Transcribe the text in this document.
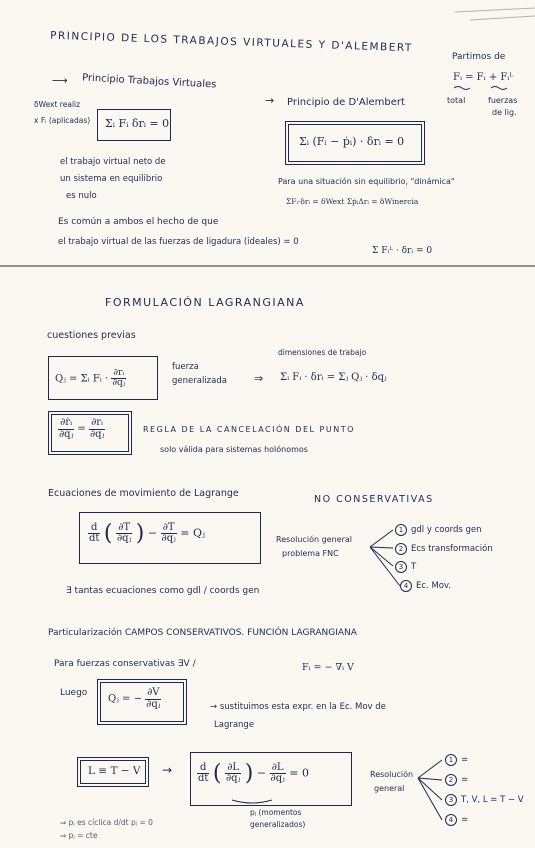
PRINCIPIO DE LOS TRABAJOS VIRTUALES Y D'ALEMBERT
Partimos de
Fᵢ = Fᵢ + Fᵢᴸ
total	fuerzas
de lig.
⟶ Principio Trabajos Virtuales
→ Principio de D'Alembert
δWext realiz
x Fᵢ (aplicadas) Σᵢ Fᵢ δrᵢ = 0
Σᵢ (Fᵢ − ṗᵢ) · δrᵢ = 0
el trabajo virtual neto de
un sistema en equilibrio
es nulo
Para una situación sin equilibrio, "dinámica"
ΣFᵢ·δrᵢ = δWext ΣṗᵢΔrᵢ = δWinercia
Es común a ambos el hecho de que
el trabajo virtual de las fuerzas de ligadura (ideales) = 0
Σ Fᵢᴸ · δrᵢ = 0
FORMULACIÓN LAGRANGIANA
cuestiones previas
Qⱼ = Σᵢ Fᵢ · $\frac{\text{∂rᵢ}}{\text{∂qⱼ}}$
fuerza
generalizada
dimensiones de trabajo
⇒ Σᵢ Fᵢ · δrᵢ = Σⱼ Qⱼ · δqⱼ
$\frac{\text{∂ṙᵢ}}{\text{∂q̇ⱼ}} = \frac{\text{∂rᵢ}}{\text{∂qⱼ}}$	REGLA DE LA CANCELACIÓN DEL PUNTO
solo válida para sistemas holónomos
Ecuaciones de movimiento de Lagrange
NO CONSERVATIVAS
$\frac{d}{dt}$ ( $\frac{\partial T}{\text{∂q̇ⱼ}}$ ) − $\frac{\partial T}{\text{∂qⱼ}}$ = Qⱼ	Resolución general
problema FNC
1 gdl y coords gen
2 Ecs transformación
3 T
4 Ec. Mov.
∃ tantas ecuaciones como gdl / coords gen
Particularización CAMPOS CONSERVATIVOS. FUNCIÓN LAGRANGIANA
Para fuerzas conservativas ∃V /	Fᵢ = − ∇ᵢ V
Luego
Qⱼ = − $\frac{\partial V}{\text{∂qⱼ}}$	→ sustituimos esta expr. en la Ec. Mov de
Lagrange
$L \equiv T - V \to \frac{d}{dt}$ ( $\frac{\partial L}{\text{∂q̇ⱼ}}$ ) − $\frac{\partial L}{\text{∂qⱼ}} = 0$
pⱼ (momentos
generalizados)
Resolución
general
1 =
2 =
3 T, V, L = T − V
4 =
⇒ pⱼ es cíclica d/dt pⱼ = 0
⇒ pⱼ = cte
